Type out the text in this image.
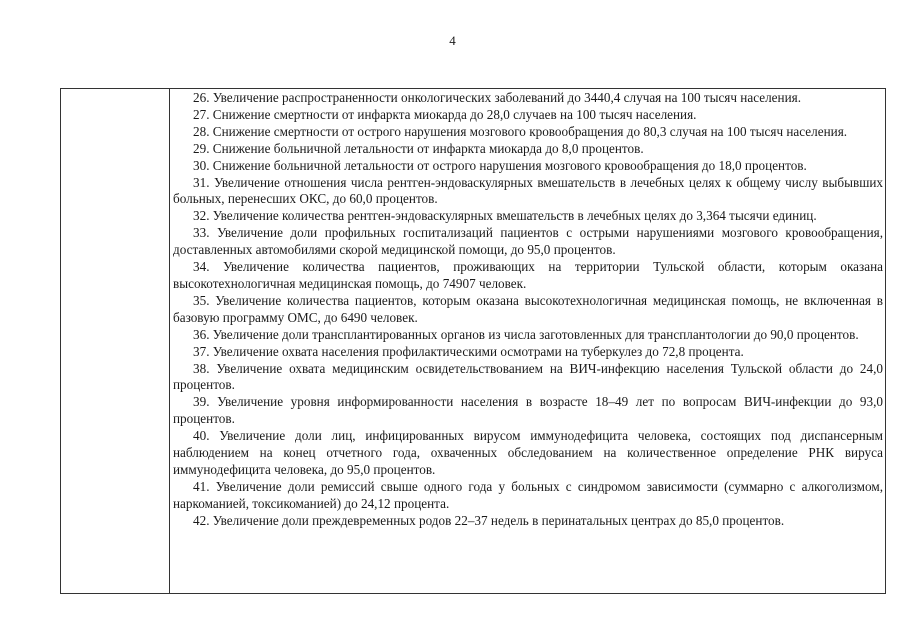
4

26. Увеличение распространенности онкологических заболеваний до 3440,4 случая на 100 тысяч населения.

27. Снижение смертности от инфаркта миокарда до 28,0 случаев на 100 тысяч населения.

28. Снижение смертности от острого нарушения мозгового кровообращения до 80,3 случая на 100 тысяч населения.

29. Снижение больничной летальности от инфаркта миокарда до 8,0 процентов.

30. Снижение больничной летальности от острого нарушения мозгового кровообращения до 18,0 процентов.

31. Увеличение отношения числа рентген-эндоваскулярных вмешательств в лечебных целях к общему числу выбывших больных, перенесших ОКС, до 60,0 процентов.

32. Увеличение количества рентген-эндоваскулярных вмешательств в лечебных целях до 3,364 тысячи единиц.

33. Увеличение доли профильных госпитализаций пациентов с острыми нарушениями мозгового кровообращения, доставленных автомобилями скорой медицинской помощи, до 95,0 процентов.

34. Увеличение количества пациентов, проживающих на территории Тульской области, которым оказана высокотехнологичная медицинская помощь, до 74907 человек.

35. Увеличение количества пациентов, которым оказана высокотехнологичная медицинская помощь, не включенная в базовую программу ОМС, до 6490 человек.

36. Увеличение доли трансплантированных органов из числа заготовленных для трансплантологии до 90,0 процентов.

37. Увеличение охвата населения профилактическими осмотрами на туберкулез до 72,8 процента.

38. Увеличение охвата медицинским освидетельствованием на ВИЧ-инфекцию населения Тульской области до 24,0 процентов.

39. Увеличение уровня информированности населения в возрасте 18–49 лет по вопросам ВИЧ-инфекции до 93,0 процентов.

40. Увеличение доли лиц, инфицированных вирусом иммунодефицита человека, состоящих под диспансерным наблюдением на конец отчетного года, охваченных обследованием на количественное определение РНК вируса иммунодефицита человека, до 95,0 процентов.

41. Увеличение доли ремиссий свыше одного года у больных с синдромом зависимости (суммарно с алкоголизмом, наркоманией, токсикоманией) до 24,12 процента.

42. Увеличение доли преждевременных родов 22–37 недель в перинатальных центрах до 85,0 процентов.
